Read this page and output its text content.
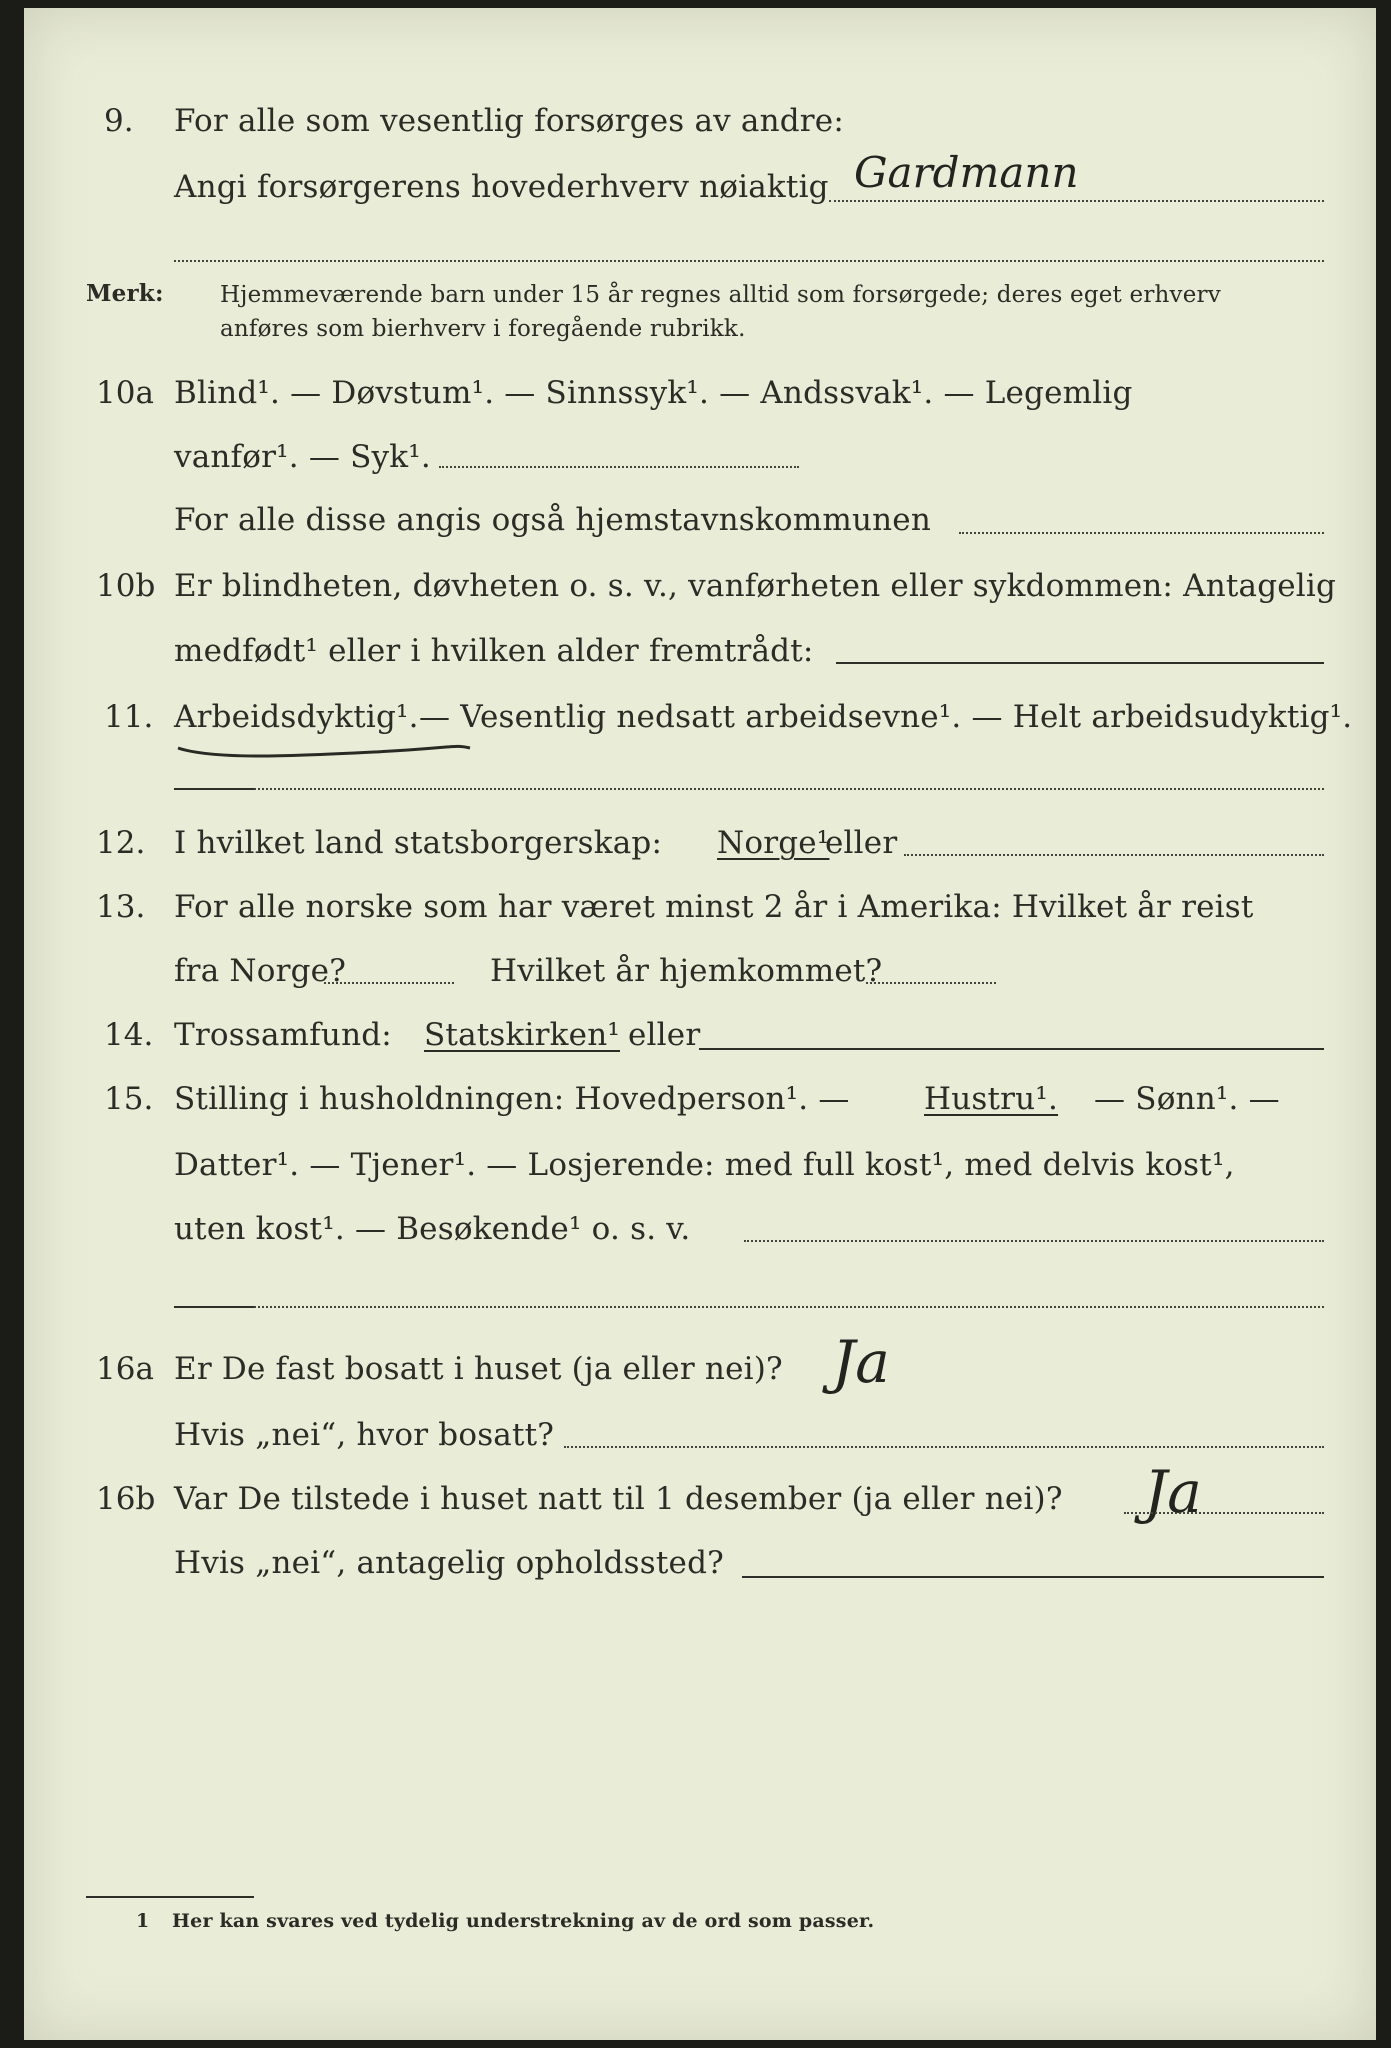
9. For alle som vesentlig forsørges av andre:
Angi forsørgerens hovederhverv nøiaktig Gardmann
Merk: Hjemmeværende barn under 15 år regnes alltid som forsørgede; deres eget erhverv
anføres som bierhverv i foregående rubrikk.
10a Blind¹. — Døvstum¹. — Sinnssyk¹. — Andssvak¹. — Legemlig
vanfør¹. — Syk¹.
For alle disse angis også hjemstavnskommunen
10b Er blindheten, døvheten o. s. v., vanførheten eller sykdommen: Antagelig
medfødt¹ eller i hvilken alder fremtrådt:
11. Arbeidsdyktig¹. — Vesentlig nedsatt arbeidsevne¹. — Helt arbeidsudyktig¹.
12. I hvilket land statsborgerskap: Norge¹
eller
13. For alle norske som har været minst 2 år i Amerika: Hvilket år reist
fra Norge?	Hvilket år hjemkommet?
14. Trossamfund: Statskirken¹ eller
15. Stilling i husholdningen: Hovedperson¹. — Hustru¹. — Sønn¹. —
Datter¹. — Tjener¹. — Losjerende: med full kost¹, med delvis kost¹,
uten kost¹. — Besøkende¹ o. s. v.
16a Er De fast bosatt i huset (ja eller nei)? Ja
Hvis „nei“, hvor bosatt?
16b Var De tilstede i huset natt til 1 desember (ja eller nei)? Ja
Hvis „nei“, antagelig opholdssted?
1 Her kan svares ved tydelig understrekning av de ord som passer.
